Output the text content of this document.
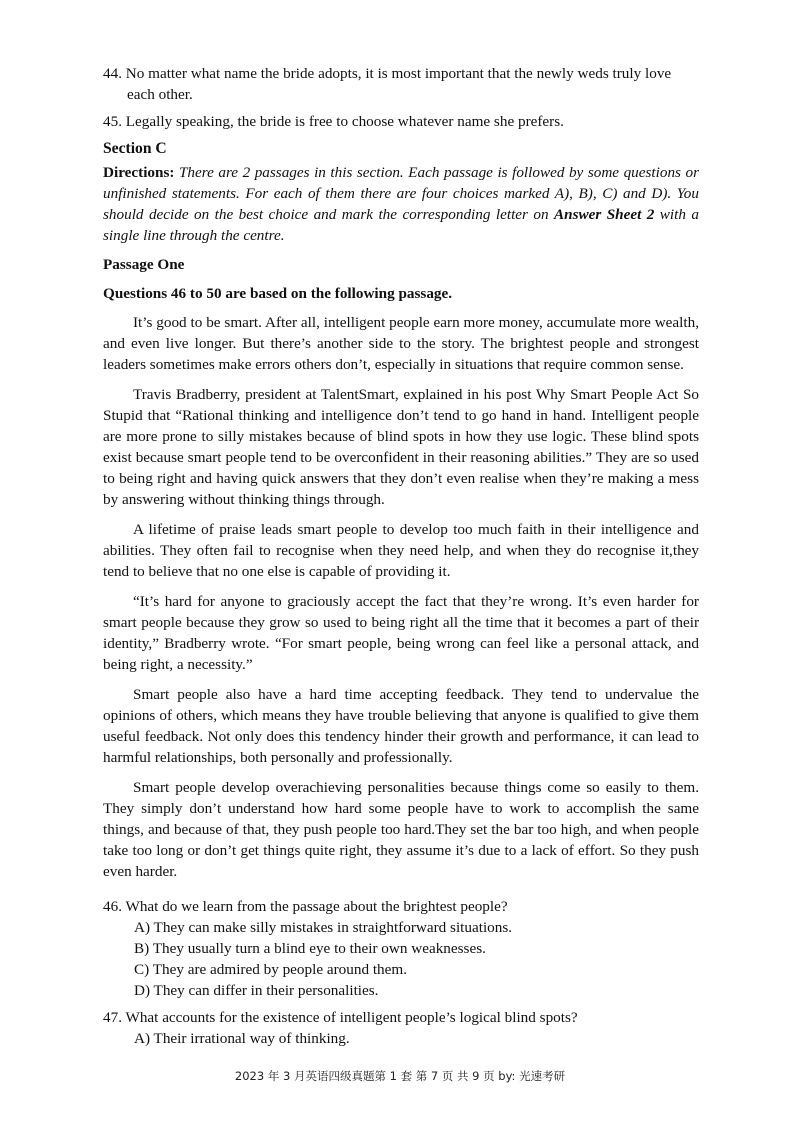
44. No matter what name the bride adopts, it is most important that the newly weds truly love each other.

45. Legally speaking, the bride is free to choose whatever name she prefers.

Section C

Directions: There are 2 passages in this section. Each passage is followed by some questions or unfinished statements. For each of them there are four choices marked A), B), C) and D). You should decide on the best choice and mark the corresponding letter on Answer Sheet 2 with a single line through the centre.

Passage One
Questions 46 to 50 are based on the following passage.

It’s good to be smart. After all, intelligent people earn more money, accumulate more wealth, and even live longer. But there’s another side to the story. The brightest people and strongest leaders sometimes make errors others don’t, especially in situations that require common sense.

Travis Bradberry, president at TalentSmart, explained in his post Why Smart People Act So Stupid that “Rational thinking and intelligence don’t tend to go hand in hand. Intelligent people are more prone to silly mistakes because of blind spots in how they use logic. These blind spots exist because smart people tend to be overconfident in their reasoning abilities.” They are so used to being right and having quick answers that they don’t even realise when they’re making a mess by answering without thinking things through.

A lifetime of praise leads smart people to develop too much faith in their intelligence and abilities. They often fail to recognise when they need help, and when they do recognise it,they tend to believe that no one else is capable of providing it.

“It’s hard for anyone to graciously accept the fact that they’re wrong. It’s even harder for smart people because they grow so used to being right all the time that it becomes a part of their identity,” Bradberry wrote. “For smart people, being wrong can feel like a personal attack, and being right, a necessity.”

Smart people also have a hard time accepting feedback. They tend to undervalue the opinions of others, which means they have trouble believing that anyone is qualified to give them useful feedback. Not only does this tendency hinder their growth and performance, it can lead to harmful relationships, both personally and professionally.

Smart people develop overachieving personalities because things come so easily to them. They simply don’t understand how hard some people have to work to accomplish the same things, and because of that, they push people too hard.They set the bar too high, and when people take too long or don’t get things quite right, they assume it’s due to a lack of effort. So they push even harder.

46. What do we learn from the passage about the brightest people?
A) They can make silly mistakes in straightforward situations.
B) They usually turn a blind eye to their own weaknesses.
C) They are admired by people around them.
D) They can differ in their personalities.
47. What accounts for the existence of intelligent people’s logical blind spots?
A) Their irrational way of thinking.
2023 年 3 月英语四级真题第 1 套 第 7 页 共 9 页 by: 光速考研
